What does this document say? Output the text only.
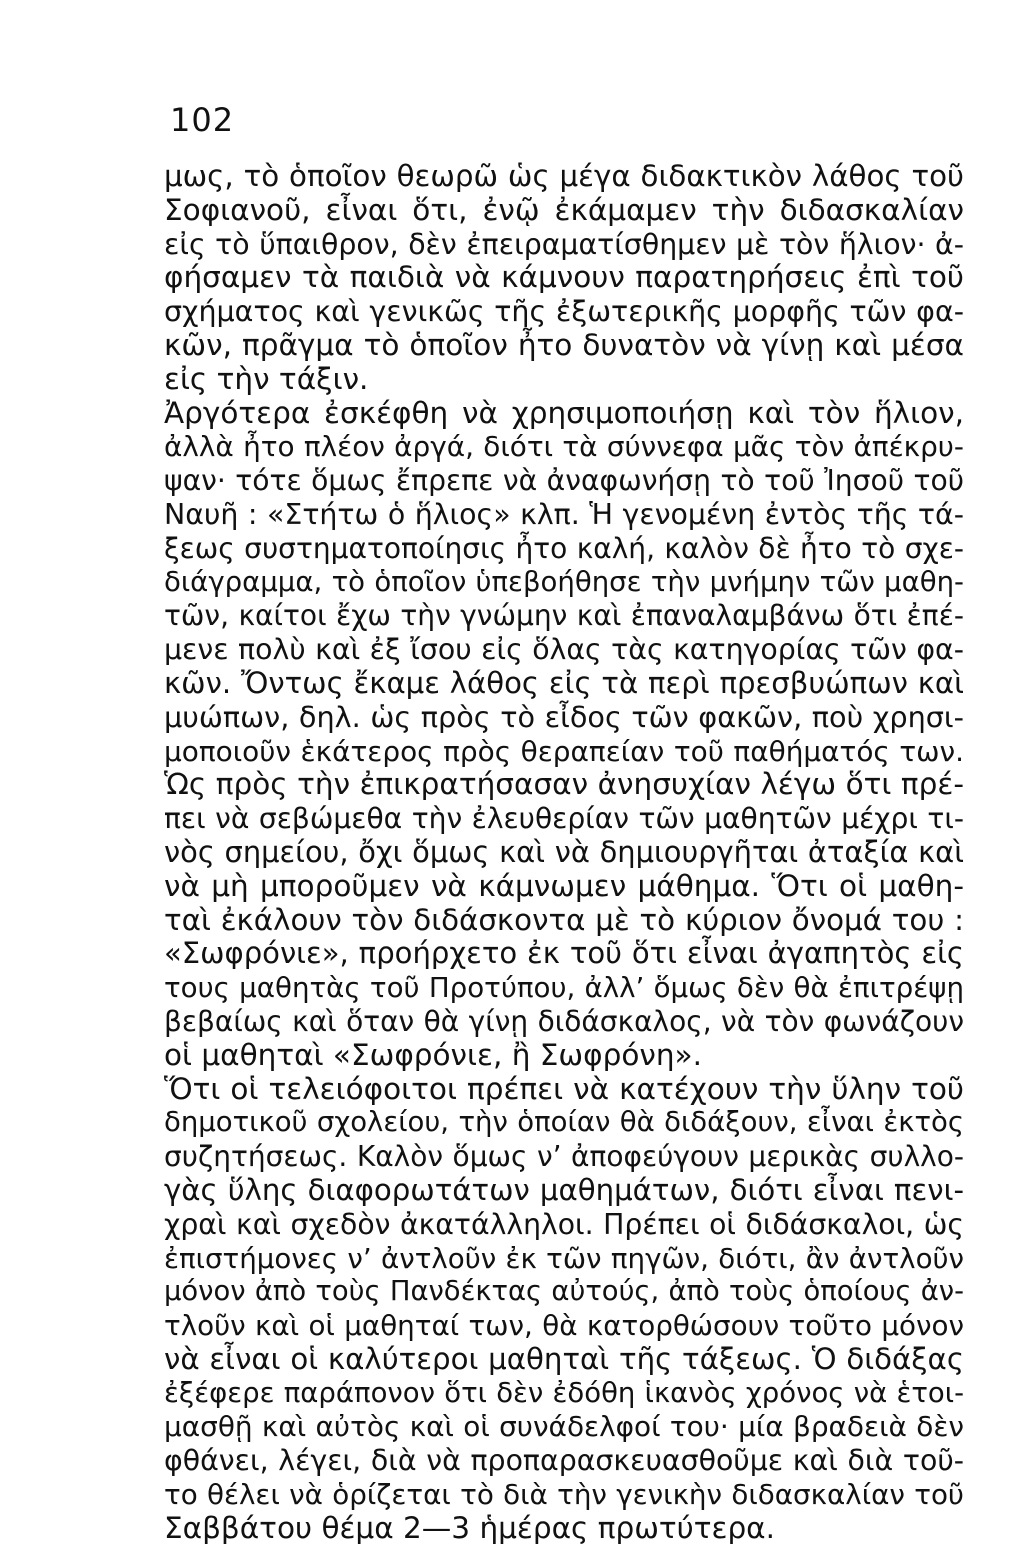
102
μως, τὸ ὁποῖον θεωρῶ ὡς μέγα διδακτικὸν λάθος τοῦ
Σοφιανοῦ, εἶναι ὅτι, ἐνῷ ἐκάμαμεν τὴν διδασκαλίαν
εἰς τὸ ὕπαιθρον, δὲν ἐπειραματίσθημεν μὲ τὸν ἥλιον· ἀ-
φήσαμεν τὰ παιδιὰ νὰ κάμνουν παρατηρήσεις ἐπὶ τοῦ
σχήματος καὶ γενικῶς τῆς ἐξωτερικῆς μορφῆς τῶν φα-
κῶν, πρᾶγμα τὸ ὁποῖον ἦτο δυνατὸν νὰ γίνῃ καὶ μέσα
εἰς τὴν τάξιν.
Ἀργότερα ἐσκέφθη νὰ χρησιμοποιήσῃ καὶ τὸν ἥλιον,
ἀλλὰ ἦτο πλέον ἀργά, διότι τὰ σύννεφα μᾶς τὸν ἀπέκρυ-
ψαν· τότε ὅμως ἔπρεπε νὰ ἀναφωνήσῃ τὸ τοῦ Ἰησοῦ τοῦ
Ναυῆ : «Στήτω ὁ ἥλιος» κλπ. Ἡ γενομένη ἐντὸς τῆς τά-
ξεως συστηματοποίησις ἦτο καλή, καλὸν δὲ ἦτο τὸ σχε-
διάγραμμα, τὸ ὁποῖον ὑπεβοήθησε τὴν μνήμην τῶν μαθη-
τῶν, καίτοι ἔχω τὴν γνώμην καὶ ἐπαναλαμβάνω ὅτι ἐπέ-
μενε πολὺ καὶ ἐξ ἴσου εἰς ὅλας τὰς κατηγορίας τῶν φα-
κῶν. Ὄντως ἔκαμε λάθος εἰς τὰ περὶ πρεσβυώπων καὶ
μυώπων, δηλ. ὡς πρὸς τὸ εἶδος τῶν φακῶν, ποὺ χρησι-
μοποιοῦν ἑκάτερος πρὸς θεραπείαν τοῦ παθήματός των.
Ὡς πρὸς τὴν ἐπικρατήσασαν ἀνησυχίαν λέγω ὅτι πρέ-
πει νὰ σεβώμεθα τὴν ἐλευθερίαν τῶν μαθητῶν μέχρι τι-
νὸς σημείου, ὄχι ὅμως καὶ νὰ δημιουργῆται ἀταξία καὶ
νὰ μὴ μποροῦμεν νὰ κάμνωμεν μάθημα. Ὅτι οἱ μαθη-
ταὶ ἐκάλουν τὸν διδάσκοντα μὲ τὸ κύριον ὄνομά του :
«Σωφρόνιε», προήρχετο ἐκ τοῦ ὅτι εἶναι ἀγαπητὸς εἰς
τους μαθητὰς τοῦ Προτύπου, ἀλλ’ ὅμως δὲν θὰ ἐπιτρέψῃ
βεβαίως καὶ ὅταν θὰ γίνῃ διδάσκαλος, νὰ τὸν φωνάζουν
οἱ μαθηταὶ «Σωφρόνιε, ἢ Σωφρόνη».
Ὅτι οἱ τελειόφοιτοι πρέπει νὰ κατέχουν τὴν ὕλην τοῦ
δημοτικοῦ σχολείου, τὴν ὁποίαν θὰ διδάξουν, εἶναι ἐκτὸς
συζητήσεως. Καλὸν ὅμως ν’ ἀποφεύγουν μερικὰς συλλο-
γὰς ὕλης διαφορωτάτων μαθημάτων, διότι εἶναι πενι-
χραὶ καὶ σχεδὸν ἀκατάλληλοι. Πρέπει οἱ διδάσκαλοι, ὡς
ἐπιστήμονες ν’ ἀντλοῦν ἐκ τῶν πηγῶν, διότι, ἂν ἀντλοῦν
μόνον ἀπὸ τοὺς Πανδέκτας αὐτούς, ἀπὸ τοὺς ὁποίους ἀν-
τλοῦν καὶ οἱ μαθηταί των, θὰ κατορθώσουν τοῦτο μόνον
νὰ εἶναι οἱ καλύτεροι μαθηταὶ τῆς τάξεως. Ὁ διδάξας
ἐξέφερε παράπονον ὅτι δὲν ἐδόθη ἱκανὸς χρόνος νὰ ἑτοι-
μασθῇ καὶ αὐτὸς καὶ οἱ συνάδελφοί του· μία βραδειὰ δὲν
φθάνει, λέγει, διὰ νὰ προπαρασκευασθοῦμε καὶ διὰ τοῦ-
το θέλει νὰ ὁρίζεται τὸ διὰ τὴν γενικὴν διδασκαλίαν τοῦ
Σαββάτου θέμα 2—3 ἡμέρας πρωτύτερα.
